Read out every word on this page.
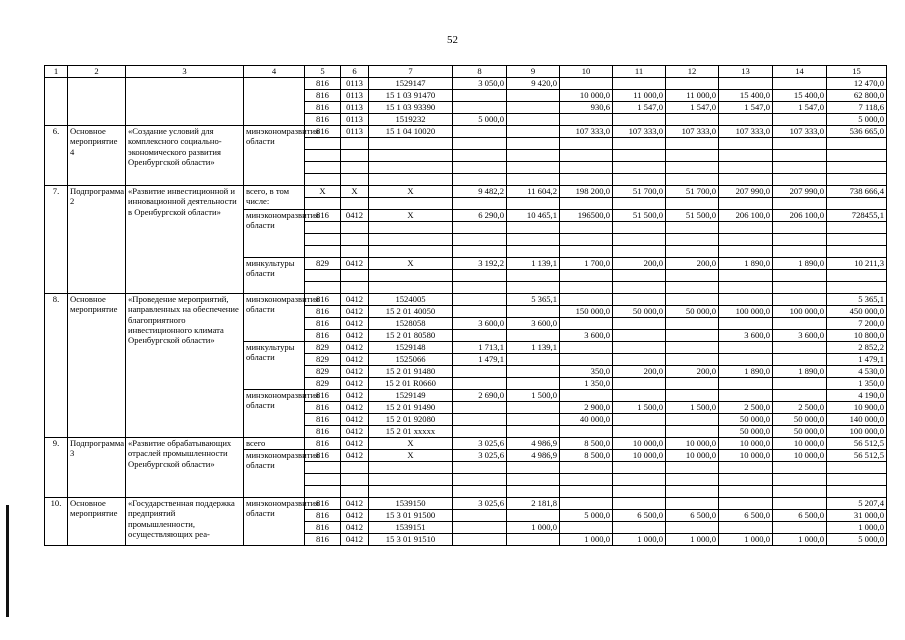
52
1	2	3	4	5	6	7	8	9	10	11	12	13	14	15
				816	0113	1529147	3 050,0	9 420,0						12 470,0
				816	0113	15 1 03 91470			10 000,0	11 000,0	11 000,0	15 400,0	15 400,0	62 800,0
				816	0113	15 1 03 93390			930,6	1 547,0	1 547,0	1 547,0	1 547,0	7 118,6
				816	0113	1519232	5 000,0							5 000,0
6.	Основное мероприятие 4	«Создание условий для комплексного социально-экономического развития Оренбургской области»	минэкономразвития области	816	0113	15 1 04 10020			107 333,0	107 333,0	107 333,0	107 333,0	107 333,0	536 665,0

7.	Подпрограмма 2	«Развитие инвестиционной и инновационной деятельности в Оренбургской области»	всего, в том числе:	X	X	X	9 482,2	11 604,2	198 200,0	51 700,0	51 700,0	207 990,0	207 990,0	738 666,4

			минэкономразвития области	816	0412	X	6 290,0	10 465,1	196500,0	51 500,0	51 500,0	206 100,0	206 100,0	728455,1

			минкультуры области	829	0412	X	3 192,2	1 139,1	1 700,0	200,0	200,0	1 890,0	1 890,0	10 211,3

8.	Основное мероприятие	«Проведение мероприятий, направленных на обеспечение благоприятного инвестиционного климата Оренбургской области»	минэкономразвития области	816	0412	1524005		5 365,1						5 365,1
				816	0412	15 2 01 40050			150 000,0	50 000,0	50 000,0	100 000,0	100 000,0	450 000,0
				816	0412	1528058	3 600,0	3 600,0						7 200,0
				816	0412	15 2 01 80580			3 600,0			3 600,0	3 600,0	10 800,0
			минкультуры области	829	0412	1529148	1 713,1	1 139,1						2 852,2
				829	0412	1525066	1 479,1							1 479,1
				829	0412	15 2 01 91480			350,0	200,0	200,0	1 890,0	1 890,0	4 530,0
				829	0412	15 2 01 R0660			1 350,0					1 350,0
			минэкономразвития области	816	0412	1529149	2 690,0	1 500,0						4 190,0
				816	0412	15 2 01 91490			2 900,0	1 500,0	1 500,0	2 500,0	2 500,0	10 900,0
				816	0412	15 2 01 92080			40 000,0			50 000,0	50 000,0	140 000,0
				816	0412	15 2 01 xxxxx						50 000,0	50 000,0	100 000,0
9.	Подпрограмма 3	«Развитие обрабатывающих отраслей промышленности Оренбургской области»	всего	816	0412	X	3 025,6	4 986,9	8 500,0	10 000,0	10 000,0	10 000,0	10 000,0	56 512,5
			минэкономразвития области	816	0412	X	3 025,6	4 986,9	8 500,0	10 000,0	10 000,0	10 000,0	10 000,0	56 512,5

10.	Основное мероприятие	«Государственная поддержка предприятий промышленности, осуществляющих реа-	минэкономразвития области	816	0412	1539150	3 025,6	2 181,8						5 207,4
				816	0412	15 3 01 91500			5 000,0	6 500,0	6 500,0	6 500,0	6 500,0	31 000,0
				816	0412	1539151		1 000,0						1 000,0
				816	0412	15 3 01 91510			1 000,0	1 000,0	1 000,0	1 000,0	1 000,0	5 000,0
